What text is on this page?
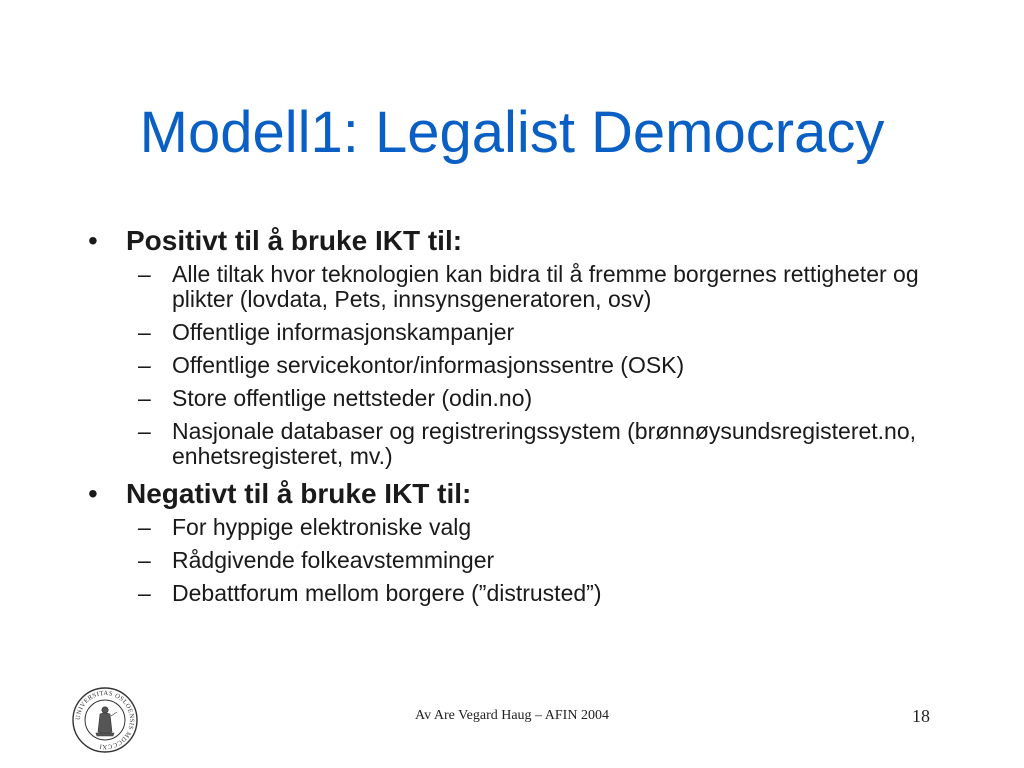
Modell1: Legalist Democracy
• Positivt til å bruke IKT til:
– Alle tiltak hvor teknologien kan bidra til å fremme borgernes rettigheter og plikter (lovdata, Pets, innsynsgeneratoren, osv)
– Offentlige informasjonskampanjer
– Offentlige servicekontor/informasjonssentre (OSK)
– Store offentlige nettsteder (odin.no)
– Nasjonale databaser og registreringssystem (brønnøysundsregisteret.no, enhetsregisteret, mv.)
• Negativt til å bruke IKT til:
– For hyppige elektroniske valg
– Rådgivende folkeavstemminger
– Debattforum mellom borgere (”distrusted”)
UNIVERSITAS OSLOENSIS MDCCCXI
Av Are Vegard Haug – AFIN 2004	18
